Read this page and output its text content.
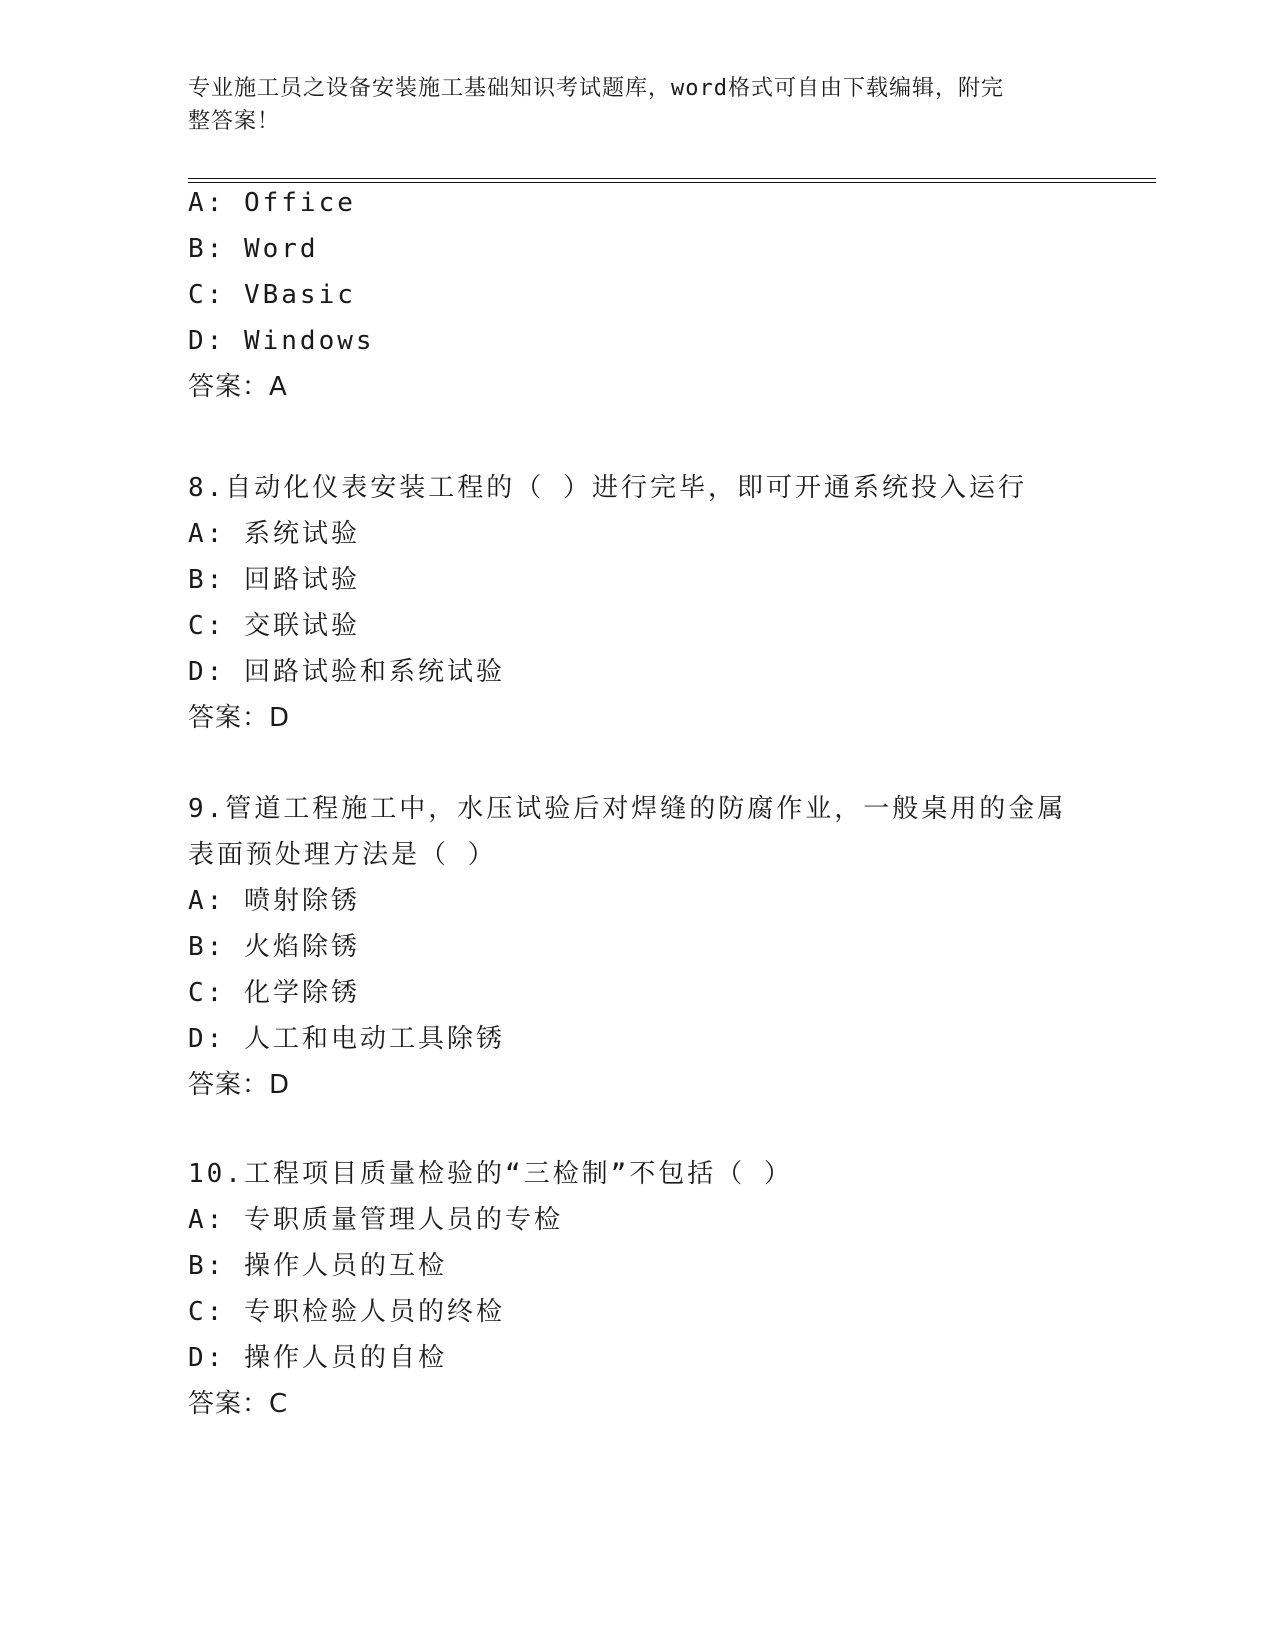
专业施工员之设备安装施工基础知识考试题库，word格式可自由下载编辑，附完
整答案！
A: Office
B: Word
C: VBasic
D: Windows
答案：A
8.自动化仪表安装工程的（ ）进行完毕，即可开通系统投入运行
A: 系统试验
B: 回路试验
C: 交联试验
D: 回路试验和系统试验
答案：D
9.管道工程施工中，水压试验后对焊缝的防腐作业，一般桌用的金属
表面预处理方法是（ ）
A: 喷射除锈
B: 火焰除锈
C: 化学除锈
D: 人工和电动工具除锈
答案：D
10.工程项目质量检验的“三检制”不包括（ ）
A: 专职质量管理人员的专检
B: 操作人员的互检
C: 专职检验人员的终检
D: 操作人员的自检
答案：C
